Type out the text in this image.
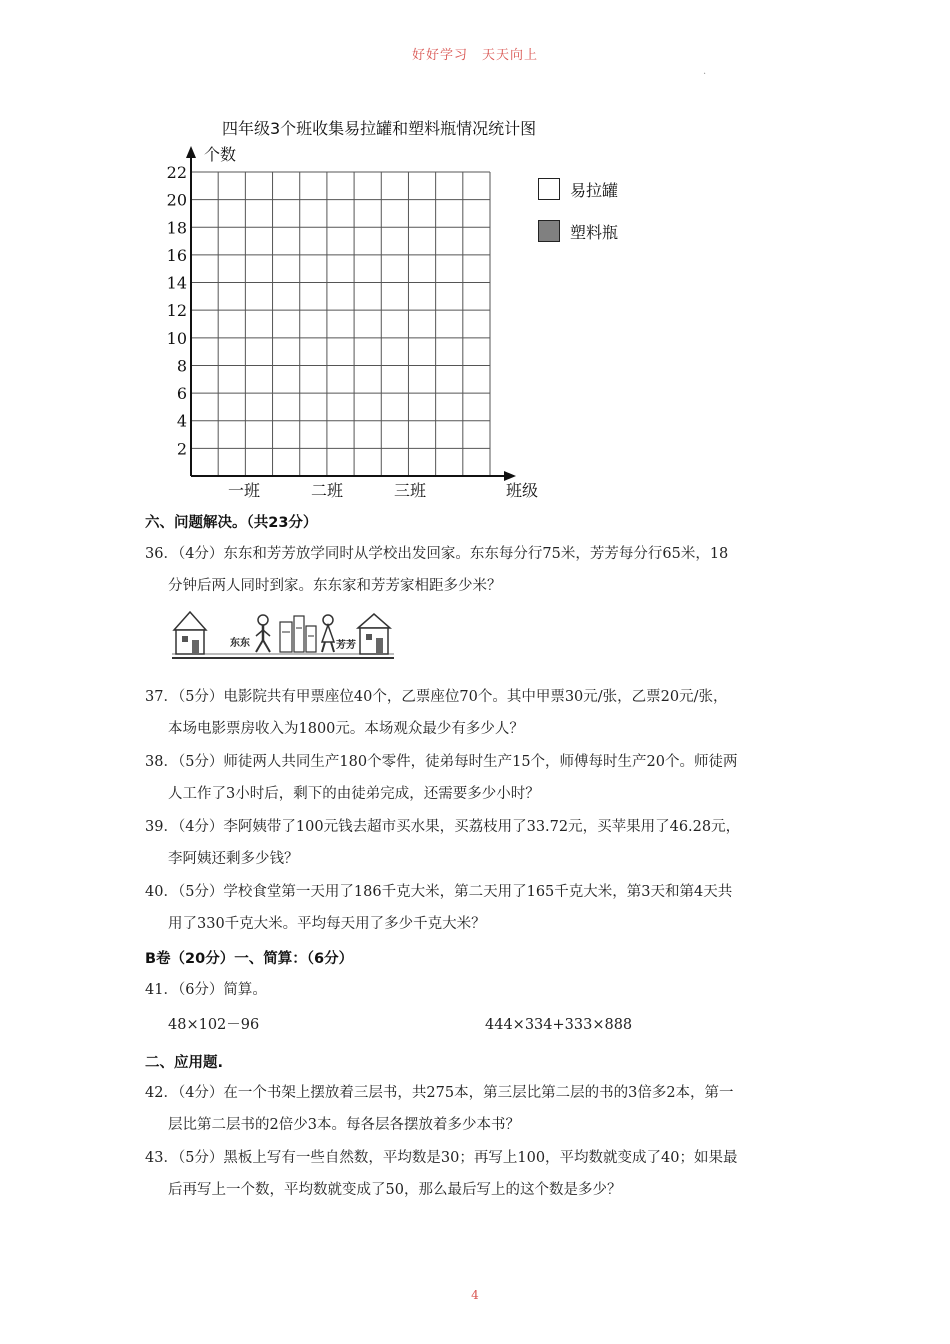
好好学习　天天向上
.
四年级3个班收集易拉罐和塑料瓶情况统计图
2
4
6
8
10
12
14
16
18
20
22
一班	二班	三班
个数
班级
易拉罐
塑料瓶
六、问题解决。（共23分）
36．（4分）东东和芳芳放学同时从学校出发回家。东东每分行75米，芳芳每分行65米，18
分钟后两人同时到家。东东家和芳芳家相距多少米？
东东	芳芳
37．（5分）电影院共有甲票座位40个，乙票座位70个。其中甲票30元/张，乙票20元/张，
本场电影票房收入为1800元。本场观众最少有多少人？
38．（5分）师徒两人共同生产180个零件，徒弟每时生产15个，师傅每时生产20个。师徒两
人工作了3小时后，剩下的由徒弟完成，还需要多少小时？
39．（4分）李阿姨带了100元钱去超市买水果，买荔枝用了33.72元，买苹果用了46.28元，
李阿姨还剩多少钱？
40．（5分）学校食堂第一天用了186千克大米，第二天用了165千克大米，第3天和第4天共
用了330千克大米。平均每天用了多少千克大米？
B卷（20分）一、简算：（6分）
41．（6分）简算。
48×102－96	444×334+333×888
二、应用题.
42．（4分）在一个书架上摆放着三层书，共275本，第三层比第二层的书的3倍多2本，第一
层比第二层书的2倍少3本。每各层各摆放着多少本书？
43．（5分）黑板上写有一些自然数，平均数是30；再写上100，平均数就变成了40；如果最
后再写上一个数，平均数就变成了50，那么最后写上的这个数是多少？
4
